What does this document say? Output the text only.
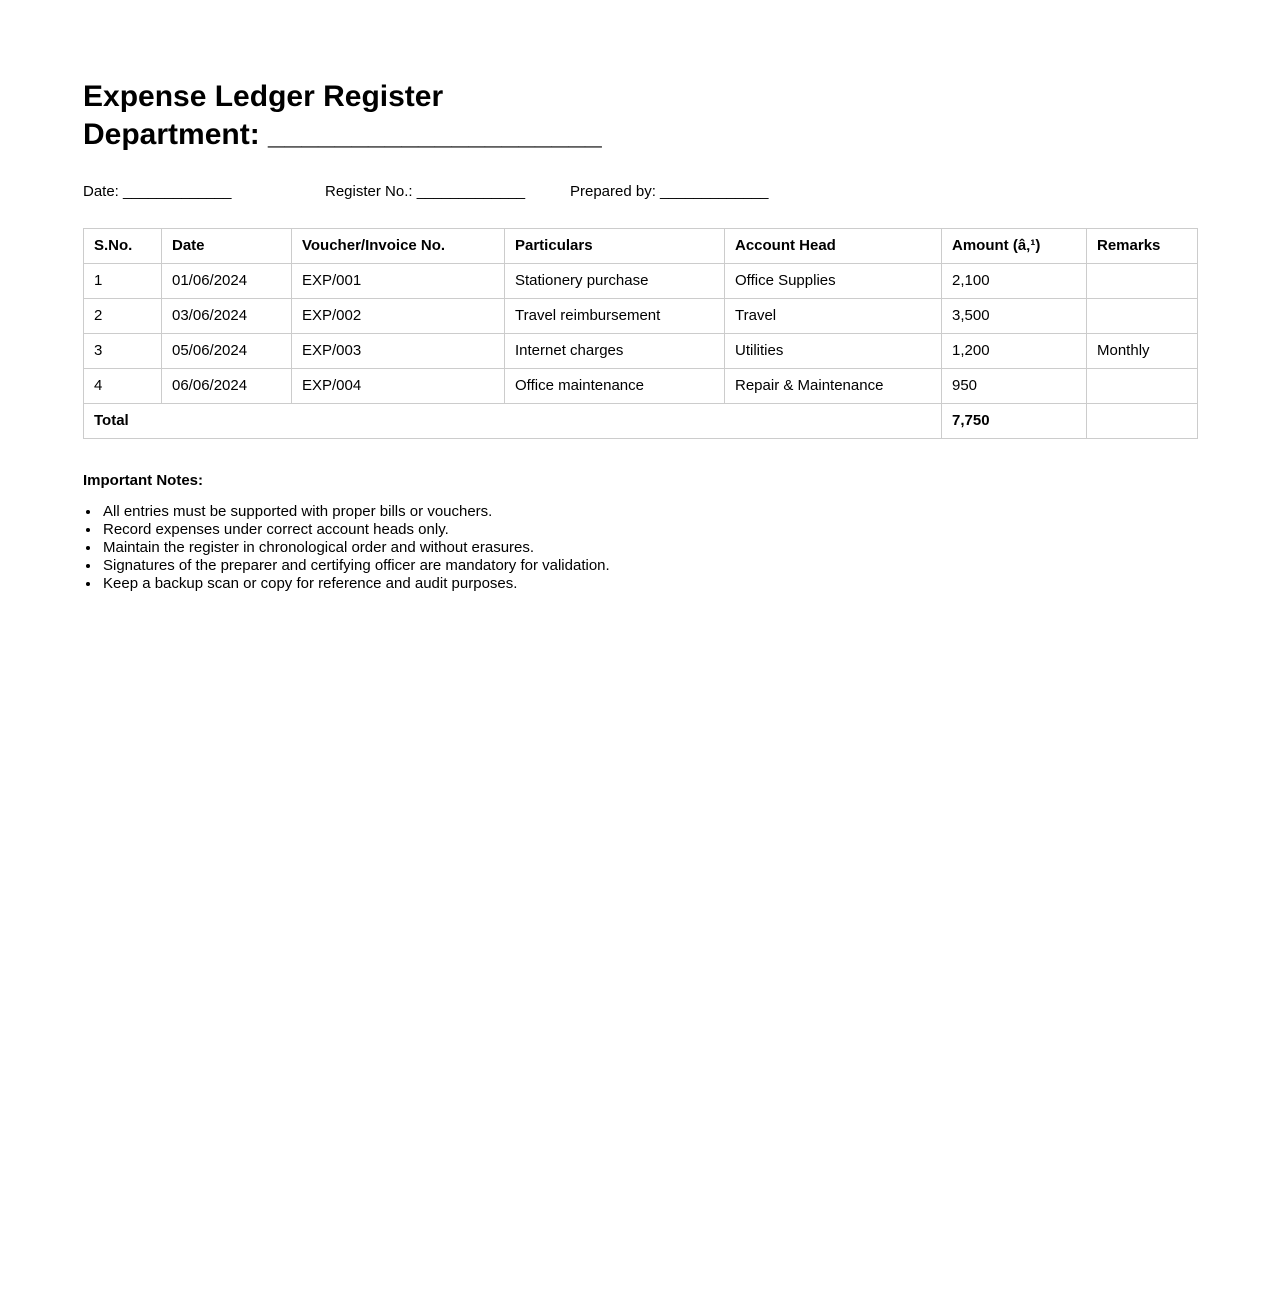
Expense Ledger Register
Department: ____________________
Date: _____________	Register No.: _____________	Prepared by: _____________
S.No.	Date	Voucher/Invoice No.	Particulars	Account Head	Amount (â‚¹)	Remarks
1	01/06/2024	EXP/001	Stationery purchase	Office Supplies	2,100	
2	03/06/2024	EXP/002	Travel reimbursement	Travel	3,500	
3	05/06/2024	EXP/003	Internet charges	Utilities	1,200	Monthly
4	06/06/2024	EXP/004	Office maintenance	Repair & Maintenance	950	
Total					7,750	

Important Notes:

• All entries must be supported with proper bills or vouchers.
• Record expenses under correct account heads only.
• Maintain the register in chronological order and without erasures.
• Signatures of the preparer and certifying officer are mandatory for validation.
• Keep a backup scan or copy for reference and audit purposes.
